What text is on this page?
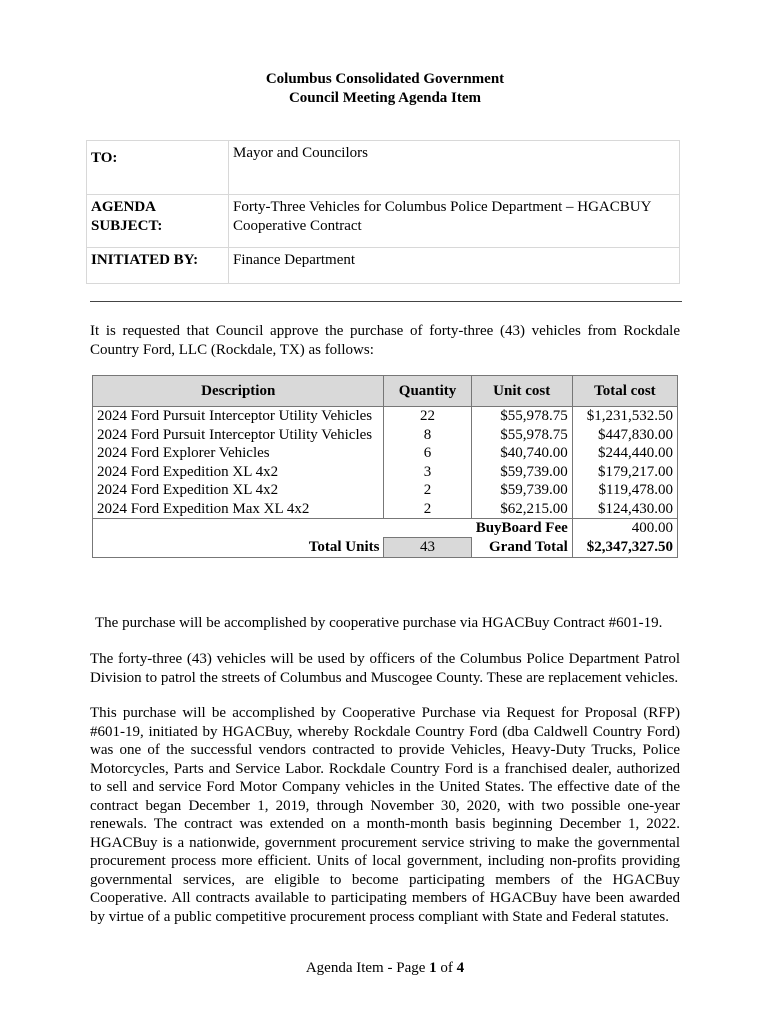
Columbus Consolidated Government
Council Meeting Agenda Item
TO:	Mayor and Councilors

AGENDA
SUBJECT:	Forty-Three Vehicles for Columbus Police Department – HGACBUY Cooperative Contract
INITIATED BY:	Finance Department
It is requested that Council approve the purchase of forty-three (43) vehicles from Rockdale Country Ford, LLC (Rockdale, TX) as follows:
Description	Quantity	Unit cost	Total cost
2024 Ford Pursuit Interceptor Utility Vehicles	22	$55,978.75	$1,231,532.50
2024 Ford Pursuit Interceptor Utility Vehicles	8	$55,978.75	$447,830.00
2024 Ford Explorer Vehicles	6	$40,740.00	$244,440.00
2024 Ford Expedition XL 4x2	3	$59,739.00	$179,217.00
2024 Ford Expedition XL 4x2	2	$59,739.00	$119,478.00
2024 Ford Expedition Max XL 4x2	2	$62,215.00	$124,430.00
		BuyBoard Fee	400.00
Total Units	43	Grand Total	$2,347,327.50
The purchase will be accomplished by cooperative purchase via HGACBuy Contract #601-19.
The forty-three (43) vehicles will be used by officers of the Columbus Police Department Patrol Division to patrol the streets of Columbus and Muscogee County. These are replacement vehicles.
This purchase will be accomplished by Cooperative Purchase via Request for Proposal (RFP) #601-19, initiated by HGACBuy, whereby Rockdale Country Ford (dba Caldwell Country Ford) was one of the successful vendors contracted to provide Vehicles, Heavy-Duty Trucks, Police Motorcycles, Parts and Service Labor. Rockdale Country Ford is a franchised dealer, authorized to sell and service Ford Motor Company vehicles in the United States. The effective date of the contract began December 1, 2019, through November 30, 2020, with two possible one-year renewals. The contract was extended on a month-month basis beginning December 1, 2022. HGACBuy is a nationwide, government procurement service striving to make the governmental procurement process more efficient. Units of local government, including non-profits providing governmental services, are eligible to become participating members of the HGACBuy Cooperative. All contracts available to participating members of HGACBuy have been awarded by virtue of a public competitive procurement process compliant with State and Federal statutes.
Agenda Item - Page 1 of 4
